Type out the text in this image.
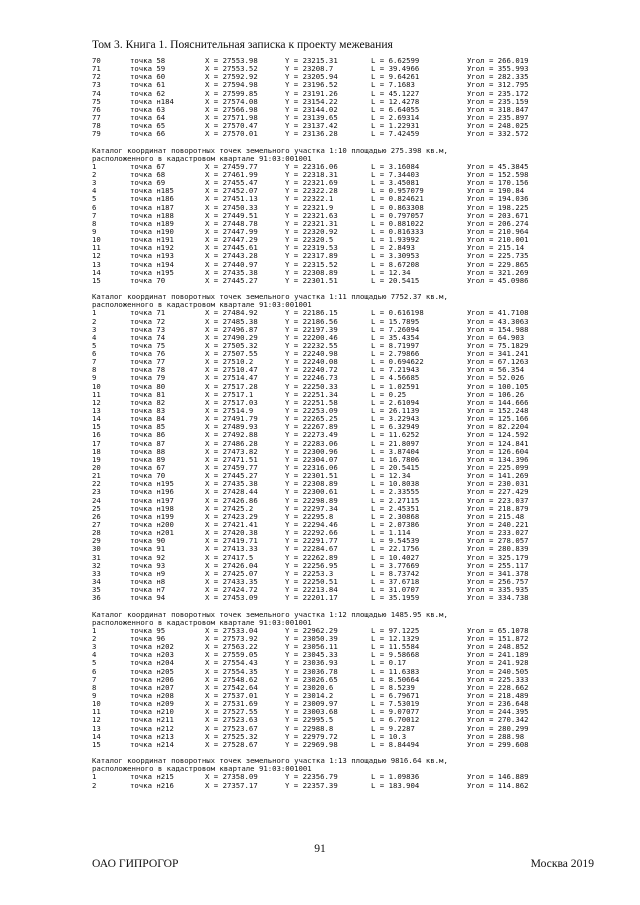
Том 3. Книга 1. Пояснительная записка к проекту межевания
70	точка 58	X = 27553.98	Y = 23215.31	L = 6.62599	Угол = 266.019
71	точка 59	X = 27553.52	Y = 23208.7	L = 39.4966	Угол = 355.993
72	точка 60	X = 27592.92	Y = 23205.94	L = 9.64261	Угол = 282.335
73	точка 61	X = 27594.98	Y = 23196.52	L = 7.1683	Угол = 312.795
74	точка 62	X = 27599.85	Y = 23191.26	L = 45.1227	Угол = 235.172
75	точка н184	X = 27574.08	Y = 23154.22	L = 12.4278	Угол = 235.159
76	точка 63	X = 27566.98	Y = 23144.02	L = 6.64055	Угол = 318.847
77	точка 64	X = 27571.98	Y = 23139.65	L = 2.69314	Угол = 235.897
78	точка 65	X = 27570.47	Y = 23137.42	L = 1.22931	Угол = 248.025
79	точка 66	X = 27570.01	Y = 23136.28	L = 7.42459	Угол = 332.572
Каталог координат поворотных точек земельного участка 1:10 площадью 275.398 кв.м,
расположенного в кадастровом квартале 91:03:001001
1	точка 67	X = 27459.77	Y = 22316.06	L = 3.16084	Угол = 45.3845
2	точка 68	X = 27461.99	Y = 22318.31	L = 7.34403	Угол = 152.598
3	точка 69	X = 27455.47	Y = 22321.69	L = 3.45081	Угол = 170.156
4	точка н185	X = 27452.07	Y = 22322.28	L = 0.957079	Угол = 190.84
5	точка н186	X = 27451.13	Y = 22322.1	L = 0.824621	Угол = 194.036
6	точка н187	X = 27450.33	Y = 22321.9	L = 0.863308	Угол = 198.225
7	точка н188	X = 27449.51	Y = 22321.63	L = 0.797057	Угол = 203.671
8	точка н189	X = 27448.78	Y = 22321.31	L = 0.881022	Угол = 206.274
9	точка н190	X = 27447.99	Y = 22320.92	L = 0.816333	Угол = 210.964
10	точка н191	X = 27447.29	Y = 22320.5	L = 1.93992	Угол = 210.001
11	точка н192	X = 27445.61	Y = 22319.53	L = 2.8493	Угол = 215.14
12	точка н193	X = 27443.28	Y = 22317.89	L = 3.30953	Угол = 225.735
13	точка н194	X = 27440.97	Y = 22315.52	L = 8.67208	Угол = 229.865
14	точка н195	X = 27435.38	Y = 22308.89	L = 12.34	Угол = 321.269
15	точка 70	X = 27445.27	Y = 22301.51	L = 20.5415	Угол = 45.0986
Каталог координат поворотных точек земельного участка 1:11 площадью 7752.37 кв.м,
расположенного в кадастровом квартале 91:03:001001
1	точка 71	X = 27484.92	Y = 22186.15	L = 0.616198	Угол = 41.7108
2	точка 72	X = 27485.38	Y = 22186.56	L = 15.7895	Угол = 43.3063
3	точка 73	X = 27496.87	Y = 22197.39	L = 7.26094	Угол = 154.988
4	точка 74	X = 27490.29	Y = 22200.46	L = 35.4354	Угол = 64.903
5	точка 75	X = 27505.32	Y = 22232.55	L = 8.71997	Угол = 75.1829
6	точка 76	X = 27507.55	Y = 22240.98	L = 2.79866	Угол = 341.241
7	точка 77	X = 27510.2	Y = 22240.08	L = 0.694622	Угол = 67.1263
8	точка 78	X = 27510.47	Y = 22240.72	L = 7.21943	Угол = 56.354
9	точка 79	X = 27514.47	Y = 22246.73	L = 4.56685	Угол = 52.026
10	точка 80	X = 27517.28	Y = 22250.33	L = 1.02591	Угол = 100.105
11	точка 81	X = 27517.1	Y = 22251.34	L = 0.25	Угол = 106.26
12	точка 82	X = 27517.03	Y = 22251.58	L = 2.61094	Угол = 144.666
13	точка 83	X = 27514.9	Y = 22253.09	L = 26.1139	Угол = 152.248
14	точка 84	X = 27491.79	Y = 22265.25	L = 3.22943	Угол = 125.166
15	точка 85	X = 27489.93	Y = 22267.89	L = 6.32949	Угол = 82.2204
16	точка 86	X = 27492.88	Y = 22273.49	L = 11.6252	Угол = 124.592
17	точка 87	X = 27486.28	Y = 22283.06	L = 21.8097	Угол = 124.841
18	точка 88	X = 27473.82	Y = 22300.96	L = 3.87404	Угол = 126.604
19	точка 89	X = 27471.51	Y = 22304.07	L = 16.7806	Угол = 134.396
20	точка 67	X = 27459.77	Y = 22316.06	L = 20.5415	Угол = 225.099
21	точка 70	X = 27445.27	Y = 22301.51	L = 12.34	Угол = 141.269
22	точка н195	X = 27435.38	Y = 22308.89	L = 10.8038	Угол = 230.031
23	точка н196	X = 27428.44	Y = 22300.61	L = 2.33555	Угол = 227.429
24	точка н197	X = 27426.86	Y = 22298.89	L = 2.27115	Угол = 223.037
25	точка н198	X = 27425.2	Y = 22297.34	L = 2.45351	Угол = 218.879
26	точка н199	X = 27423.29	Y = 22295.8	L = 2.30868	Угол = 215.48
27	точка н200	X = 27421.41	Y = 22294.46	L = 2.07386	Угол = 240.221
28	точка н201	X = 27420.38	Y = 22292.66	L = 1.114	Угол = 233.027
29	точка 90	X = 27419.71	Y = 22291.77	L = 9.54539	Угол = 278.057
30	точка 91	X = 27413.33	Y = 22284.67	L = 22.1756	Угол = 280.839
31	точка 92	X = 27417.5	Y = 22262.89	L = 10.4027	Угол = 325.179
32	точка 93	X = 27426.04	Y = 22256.95	L = 3.77669	Угол = 255.117
33	точка н9	X = 27425.07	Y = 22253.3	L = 8.73742	Угол = 341.378
34	точка н8	X = 27433.35	Y = 22250.51	L = 37.6718	Угол = 256.757
35	точка н7	X = 27424.72	Y = 22213.84	L = 31.0707	Угол = 335.935
36	точка 94	X = 27453.09	Y = 22201.17	L = 35.1959	Угол = 334.738
Каталог координат поворотных точек земельного участка 1:12 площадью 1485.95 кв.м,
расположенного в кадастровом квартале 91:03:001001
1	точка 95	X = 27533.04	Y = 22962.29	L = 97.1225	Угол = 65.1078
2	точка 96	X = 27573.92	Y = 23050.39	L = 12.1329	Угол = 151.872
3	точка н202	X = 27563.22	Y = 23056.11	L = 11.5584	Угол = 248.852
4	точка н203	X = 27559.05	Y = 23045.33	L = 9.58668	Угол = 241.189
5	точка н204	X = 27554.43	Y = 23036.93	L = 0.17	Угол = 241.928
6	точка н205	X = 27554.35	Y = 23036.78	L = 11.6383	Угол = 240.505
7	точка н206	X = 27548.62	Y = 23026.65	L = 8.50664	Угол = 225.333
8	точка н207	X = 27542.64	Y = 23020.6	L = 8.5239	Угол = 228.662
9	точка н208	X = 27537.01	Y = 23014.2	L = 6.79671	Угол = 218.489
10	точка н209	X = 27531.69	Y = 23009.97	L = 7.53019	Угол = 236.648
11	точка н210	X = 27527.55	Y = 23003.68	L = 9.07077	Угол = 244.395
12	точка н211	X = 27523.63	Y = 22995.5	L = 6.70012	Угол = 270.342
13	точка н212	X = 27523.67	Y = 22988.8	L = 9.2287	Угол = 280.299
14	точка н213	X = 27525.32	Y = 22979.72	L = 10.3	Угол = 288.98
15	точка н214	X = 27528.67	Y = 22969.98	L = 8.84494	Угол = 299.608
Каталог координат поворотных точек земельного участка 1:13 площадью 9816.64 кв.м,
расположенного в кадастровом квартале 91:03:001001
1	точка н215	X = 27358.09	Y = 22356.79	L = 1.09836	Угол = 146.889
2	точка н216	X = 27357.17	Y = 22357.39	L = 183.904	Угол = 114.862
91
ОАО ГИПРОГОР	Москва 2019
